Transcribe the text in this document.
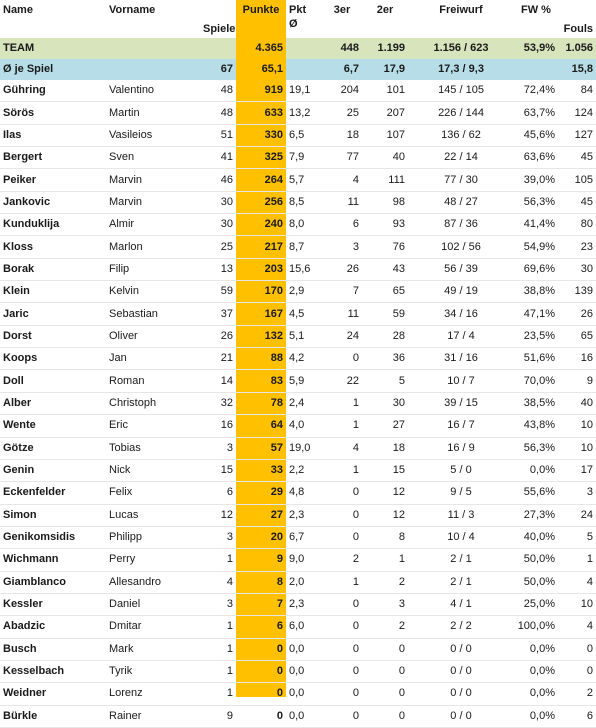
Name	Vorname	Spiele	Punkte	Pkt
Ø	3er	2er	Freiwurf	FW %	Fouls
TEAM			4.365		448	1.199	1.156 / 623	53,9%	1.056
Ø je Spiel		67	65,1		6,7	17,9	17,3 / 9,3		15,8
Gühring	Valentino	48	919	19,1	204	101	145 / 105	72,4%	84
Sörös	Martin	48	633	13,2	25	207	226 / 144	63,7%	124
Ilas	Vasileios	51	330	6,5	18	107	136 / 62	45,6%	127
Bergert	Sven	41	325	7,9	77	40	22 / 14	63,6%	45
Peiker	Marvin	46	264	5,7	4	111	77 / 30	39,0%	105
Jankovic	Marvin	30	256	8,5	11	98	48 / 27	56,3%	45
Kunduklija	Almir	30	240	8,0	6	93	87 / 36	41,4%	80
Kloss	Marlon	25	217	8,7	3	76	102 / 56	54,9%	23
Borak	Filip	13	203	15,6	26	43	56 / 39	69,6%	30
Klein	Kelvin	59	170	2,9	7	65	49 / 19	38,8%	139
Jaric	Sebastian	37	167	4,5	11	59	34 / 16	47,1%	26
Dorst	Oliver	26	132	5,1	24	28	17 / 4	23,5%	65
Koops	Jan	21	88	4,2	0	36	31 / 16	51,6%	16
Doll	Roman	14	83	5,9	22	5	10 / 7	70,0%	9
Alber	Christoph	32	78	2,4	1	30	39 / 15	38,5%	40
Wente	Eric	16	64	4,0	1	27	16 / 7	43,8%	10
Götze	Tobias	3	57	19,0	4	18	16 / 9	56,3%	10
Genin	Nick	15	33	2,2	1	15	5 / 0	0,0%	17
Eckenfelder	Felix	6	29	4,8	0	12	9 / 5	55,6%	3
Simon	Lucas	12	27	2,3	0	12	11 / 3	27,3%	24
Genikomsidis	Philipp	3	20	6,7	0	8	10 / 4	40,0%	5
Wichmann	Perry	1	9	9,0	2	1	2 / 1	50,0%	1
Giamblanco	Allesandro	4	8	2,0	1	2	2 / 1	50,0%	4
Kessler	Daniel	3	7	2,3	0	3	4 / 1	25,0%	10
Abadzic	Dmitar	1	6	6,0	0	2	2 / 2	100,0%	4
Busch	Mark	1	0	0,0	0	0	0 / 0	0,0%	0
Kesselbach	Tyrik	1	0	0,0	0	0	0 / 0	0,0%	0
Weidner	Lorenz	1	0	0,0	0	0	0 / 0	0,0%	2
Bürkle	Rainer	9	0	0,0	0	0	0 / 0	0,0%	6
